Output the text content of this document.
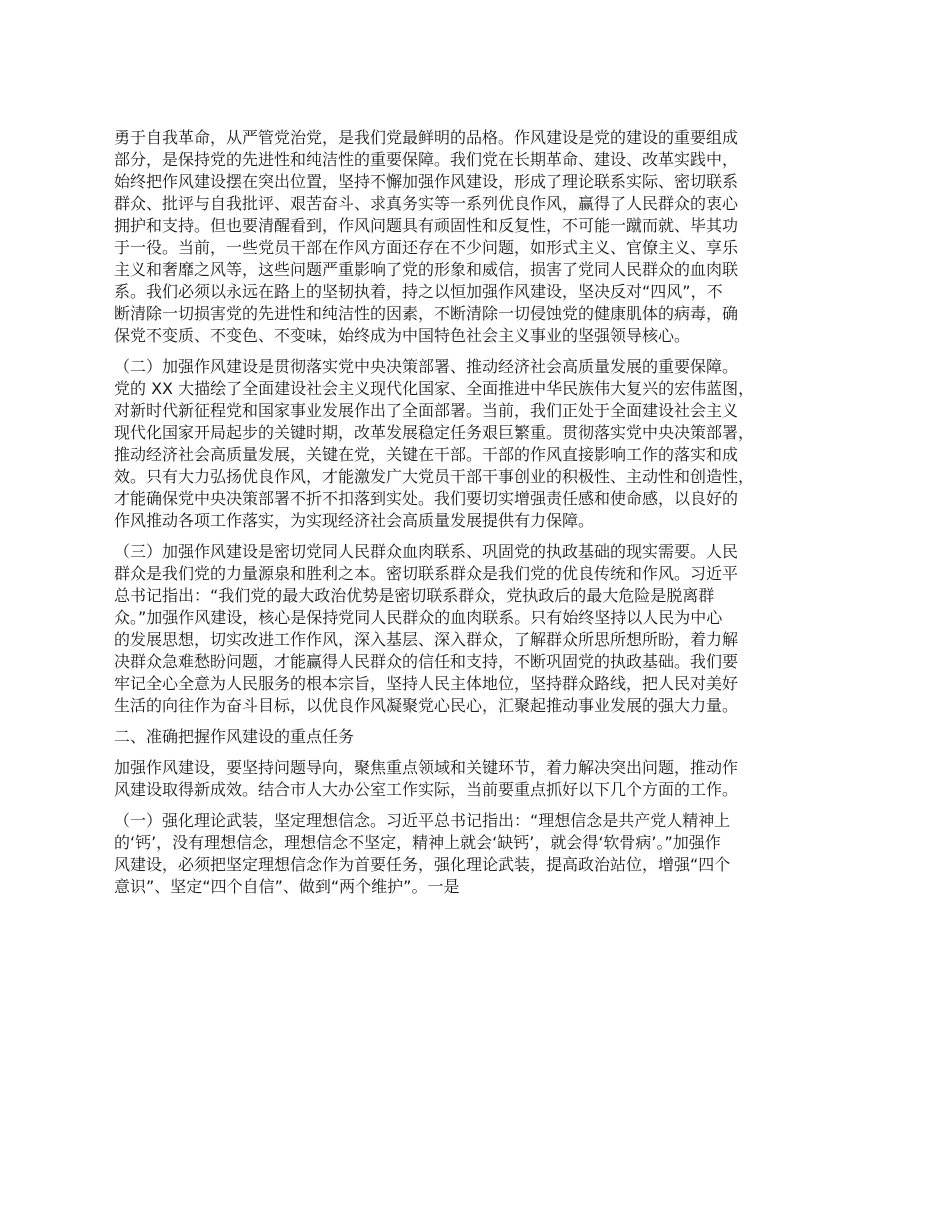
勇于自我革命，从严管党治党，是我们党最鲜明的品格。作风建设是党的建设的重要组成
部分，是保持党的先进性和纯洁性的重要保障。我们党在长期革命、建设、改革实践中，
始终把作风建设摆在突出位置，坚持不懈加强作风建设，形成了理论联系实际、密切联系
群众、批评与自我批评、艰苦奋斗、求真务实等一系列优良作风，赢得了人民群众的衷心
拥护和支持。但也要清醒看到，作风问题具有顽固性和反复性，不可能一蹴而就、毕其功
于一役。当前，一些党员干部在作风方面还存在不少问题，如形式主义、官僚主义、享乐
主义和奢靡之风等，这些问题严重影响了党的形象和威信，损害了党同人民群众的血肉联
系。我们必须以永远在路上的坚韧执着，持之以恒加强作风建设，坚决反对“四风”，不
断清除一切损害党的先进性和纯洁性的因素，不断清除一切侵蚀党的健康肌体的病毒，确
保党不变质、不变色、不变味，始终成为中国特色社会主义事业的坚强领导核心。

（二）加强作风建设是贯彻落实党中央决策部署、推动经济社会高质量发展的重要保障。
党的 XX 大描绘了全面建设社会主义现代化国家、全面推进中华民族伟大复兴的宏伟蓝图，
对新时代新征程党和国家事业发展作出了全面部署。当前，我们正处于全面建设社会主义
现代化国家开局起步的关键时期，改革发展稳定任务艰巨繁重。贯彻落实党中央决策部署，
推动经济社会高质量发展，关键在党，关键在干部。干部的作风直接影响工作的落实和成
效。只有大力弘扬优良作风，才能激发广大党员干部干事创业的积极性、主动性和创造性，
才能确保党中央决策部署不折不扣落到实处。我们要切实增强责任感和使命感，以良好的
作风推动各项工作落实，为实现经济社会高质量发展提供有力保障。

（三）加强作风建设是密切党同人民群众血肉联系、巩固党的执政基础的现实需要。人民
群众是我们党的力量源泉和胜利之本。密切联系群众是我们党的优良传统和作风。习近平
总书记指出：“我们党的最大政治优势是密切联系群众，党执政后的最大危险是脱离群
众。”加强作风建设，核心是保持党同人民群众的血肉联系。只有始终坚持以人民为中心
的发展思想，切实改进工作作风，深入基层、深入群众，了解群众所思所想所盼，着力解
决群众急难愁盼问题，才能赢得人民群众的信任和支持，不断巩固党的执政基础。我们要
牢记全心全意为人民服务的根本宗旨，坚持人民主体地位，坚持群众路线，把人民对美好
生活的向往作为奋斗目标，以优良作风凝聚党心民心，汇聚起推动事业发展的强大力量。

二、准确把握作风建设的重点任务

加强作风建设，要坚持问题导向，聚焦重点领域和关键环节，着力解决突出问题，推动作
风建设取得新成效。结合市人大办公室工作实际，当前要重点抓好以下几个方面的工作。

（一）强化理论武装，坚定理想信念。习近平总书记指出：“理想信念是共产党人精神上
的‘钙’，没有理想信念，理想信念不坚定，精神上就会‘缺钙’，就会得‘软骨病’。”加强作
风建设，必须把坚定理想信念作为首要任务，强化理论武装，提高政治站位，增强“四个
意识”、坚定“四个自信”、做到“两个维护”。一是
